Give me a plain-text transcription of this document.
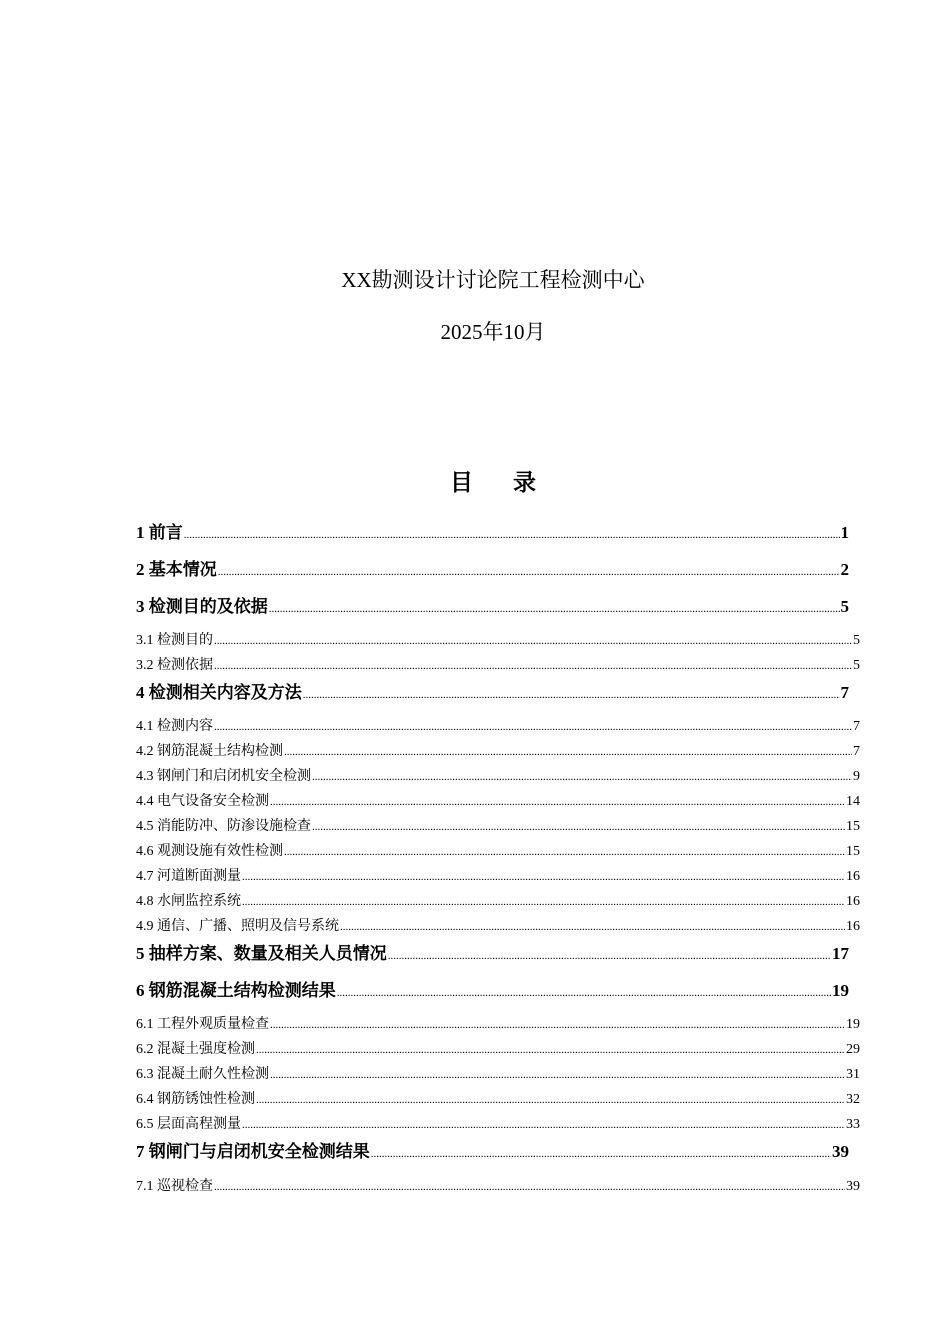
XX勘测设计讨论院工程检测中心
2025年10月
目 录
1 前言 .....	1
2 基本情况 .....	2
3 检测目的及依据 .....	5
3.1 检测目的 .....	5
3.2 检测依据 .....	5
4 检测相关内容及方法 .....	7
4.1 检测内容 .....	7
4.2 钢筋混凝土结构检测 .....	7
4.3 钢闸门和启闭机安全检测 .....	9
4.4 电气设备安全检测 .....	14
4.5 消能防冲、防渗设施检查 .....	15
4.6 观测设施有效性检测 .....	15
4.7 河道断面测量 .....	16
4.8 水闸监控系统 .....	16
4.9 通信、广播、照明及信号系统 .....	16
5 抽样方案、数量及相关人员情况 .....	17
6 钢筋混凝土结构检测结果 .....	19
6.1 工程外观质量检查 .....	19
6.2 混凝土强度检测 .....	29
6.3 混凝土耐久性检测 .....	31
6.4 钢筋锈蚀性检测 .....	32
6.5 层面高程测量 .....	33
7 钢闸门与启闭机安全检测结果 .....	39
7.1 巡视检查 .....	39
